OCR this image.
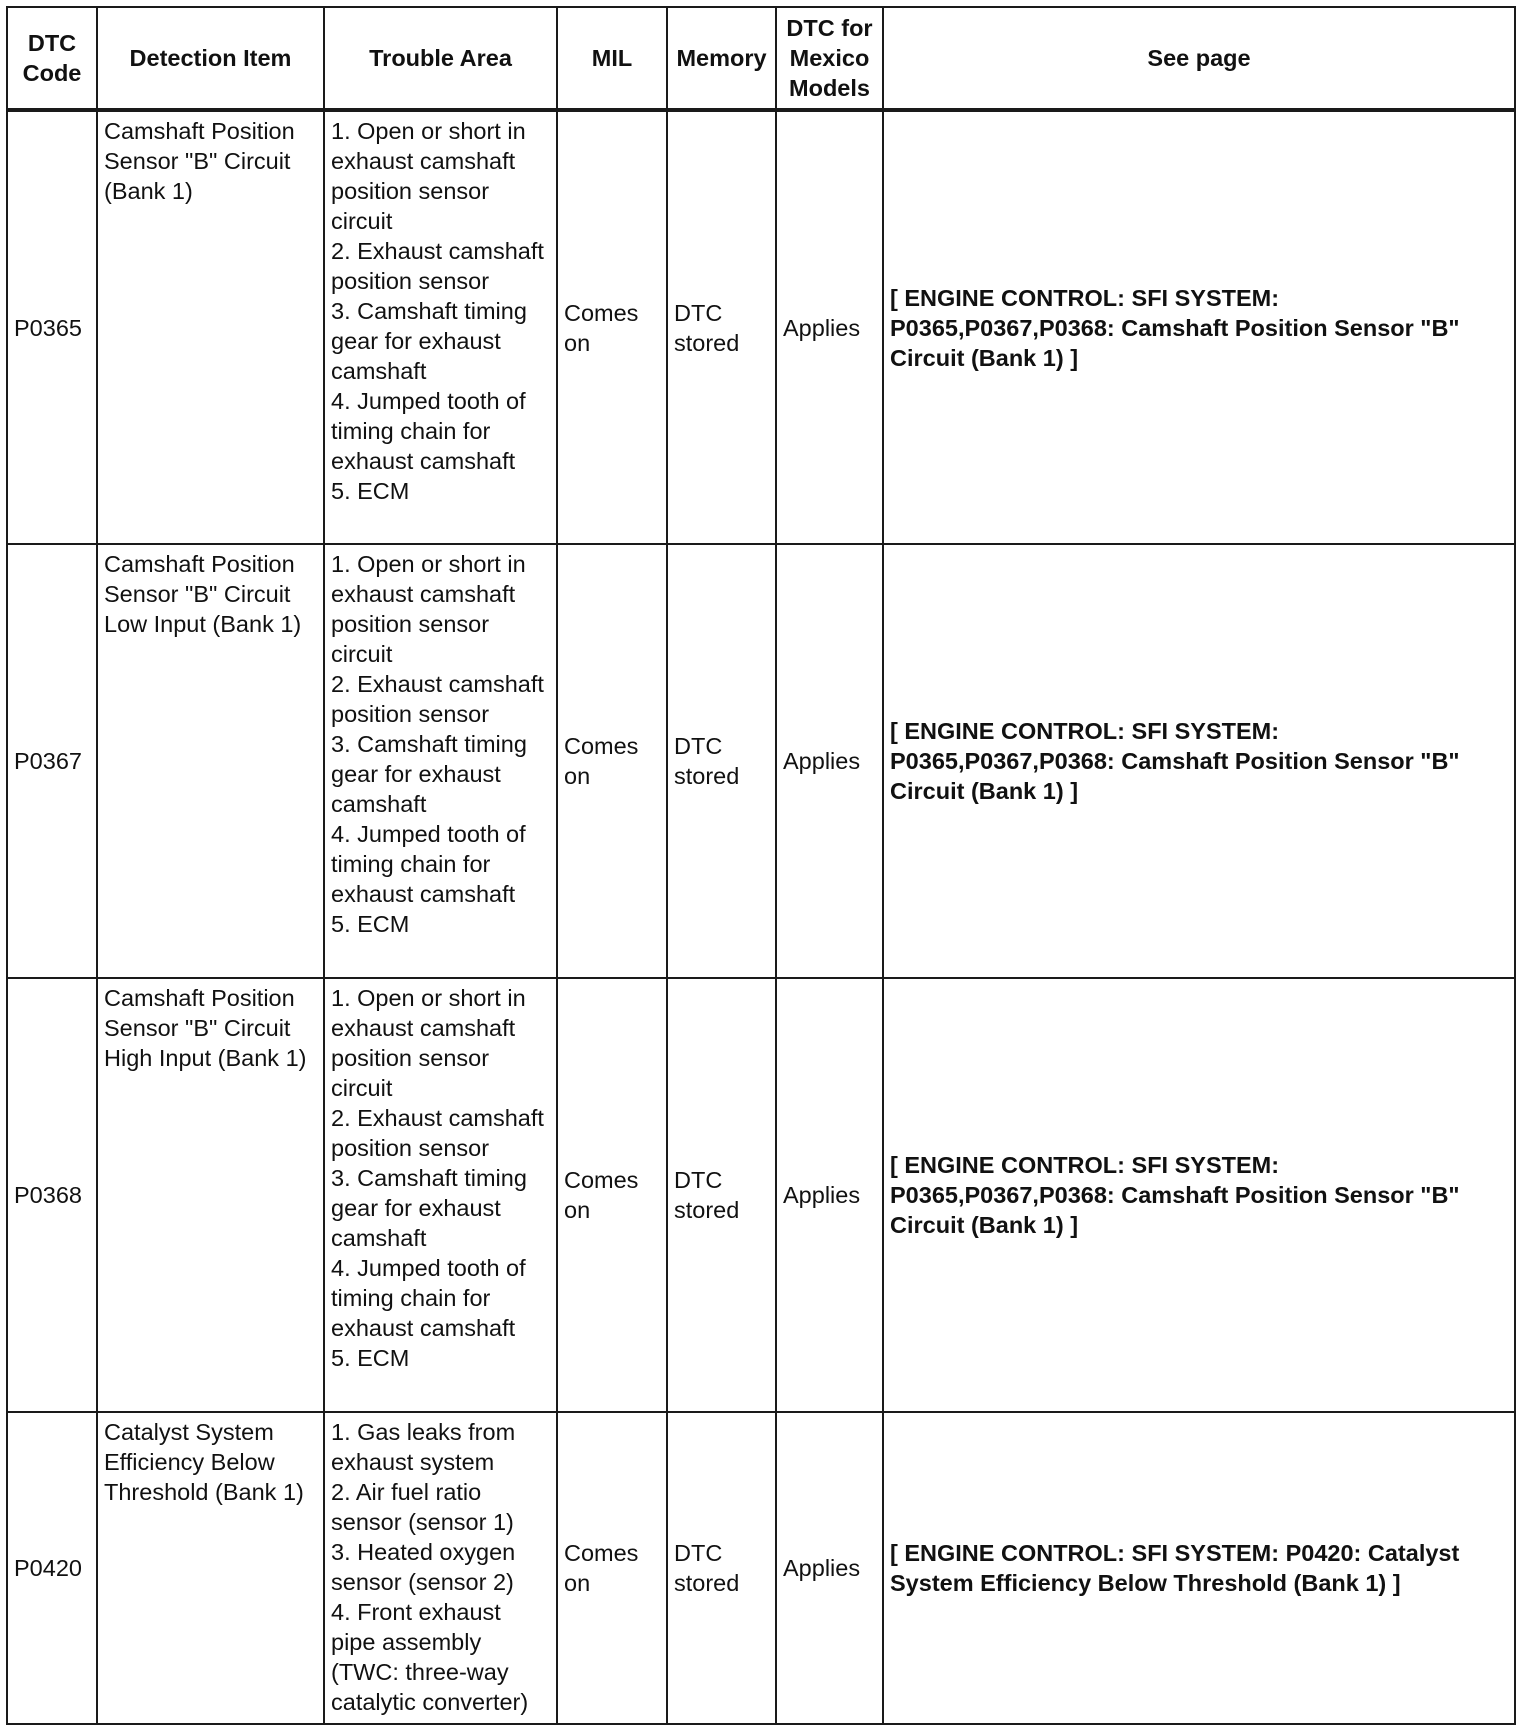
DTC Code	Detection Item	Trouble Area	MIL	Memory	DTC for Mexico Models	See page
P0365	Camshaft Position Sensor "B" Circuit (Bank 1)	1. Open or short in exhaust camshaft position sensor circuit
2. Exhaust camshaft position sensor
3. Camshaft timing gear for exhaust camshaft
4. Jumped tooth of timing chain for exhaust camshaft
5. ECM	Comes on	DTC stored	Applies	[ ENGINE CONTROL: SFI SYSTEM: P0365,P0367,P0368: Camshaft Position Sensor "B" Circuit (Bank 1) ]
P0367	Camshaft Position Sensor "B" Circuit Low Input (Bank 1)	1. Open or short in exhaust camshaft position sensor circuit
2. Exhaust camshaft position sensor
3. Camshaft timing gear for exhaust camshaft
4. Jumped tooth of timing chain for exhaust camshaft
5. ECM	Comes on	DTC stored	Applies	[ ENGINE CONTROL: SFI SYSTEM: P0365,P0367,P0368: Camshaft Position Sensor "B" Circuit (Bank 1) ]
P0368	Camshaft Position Sensor "B" Circuit High Input (Bank 1)	1. Open or short in exhaust camshaft position sensor circuit
2. Exhaust camshaft position sensor
3. Camshaft timing gear for exhaust camshaft
4. Jumped tooth of timing chain for exhaust camshaft
5. ECM	Comes on	DTC stored	Applies	[ ENGINE CONTROL: SFI SYSTEM: P0365,P0367,P0368: Camshaft Position Sensor "B" Circuit (Bank 1) ]
P0420	Catalyst System Efficiency Below Threshold (Bank 1)	1. Gas leaks from exhaust system
2. Air fuel ratio sensor (sensor 1)
3. Heated oxygen sensor (sensor 2)
4. Front exhaust pipe assembly (TWC: three-way catalytic converter)	Comes on	DTC stored	Applies	[ ENGINE CONTROL: SFI SYSTEM: P0420: Catalyst System Efficiency Below Threshold (Bank 1) ]
